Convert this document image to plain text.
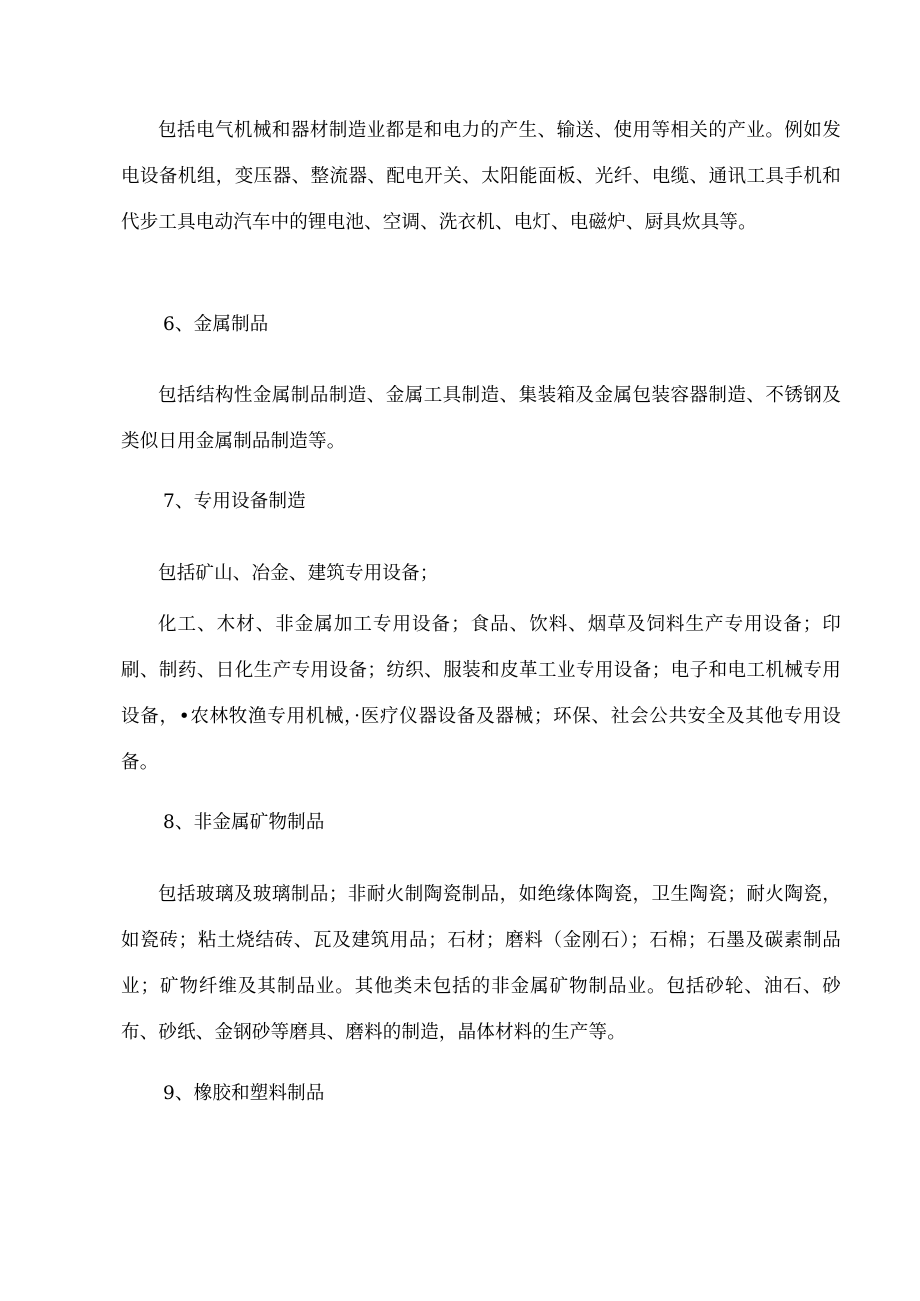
包括电气机械和器材制造业都是和电力的产生、输送、使用等相关的产业。例如发电设备机组，变压器、整流器、配电开关、太阳能面板、光纤、电缆、通讯工具手机和代步工具电动汽车中的锂电池、空调、洗衣机、电灯、电磁炉、厨具炊具等。

6、金属制品

包括结构性金属制品制造、金属工具制造、集装箱及金属包装容器制造、不锈钢及类似日用金属制品制造等。

7、专用设备制造

包括矿山、冶金、建筑专用设备；

化工、木材、非金属加工专用设备；食品、饮料、烟草及饲料生产专用设备；印刷、制药、日化生产专用设备；纺织、服装和皮革工业专用设备；电子和电工机械专用设备，•农林牧渔专用机械，·医疗仪器设备及器械；环保、社会公共安全及其他专用设备。

8、非金属矿物制品

包括玻璃及玻璃制品；非耐火制陶瓷制品，如绝缘体陶瓷，卫生陶瓷；耐火陶瓷，如瓷砖；粘土烧结砖、瓦及建筑用品；石材；磨料（金刚石）；石棉；石墨及碳素制品业；矿物纤维及其制品业。其他类未包括的非金属矿物制品业。包括砂轮、油石、砂布、砂纸、金钢砂等磨具、磨料的制造，晶体材料的生产等。

9、橡胶和塑料制品
